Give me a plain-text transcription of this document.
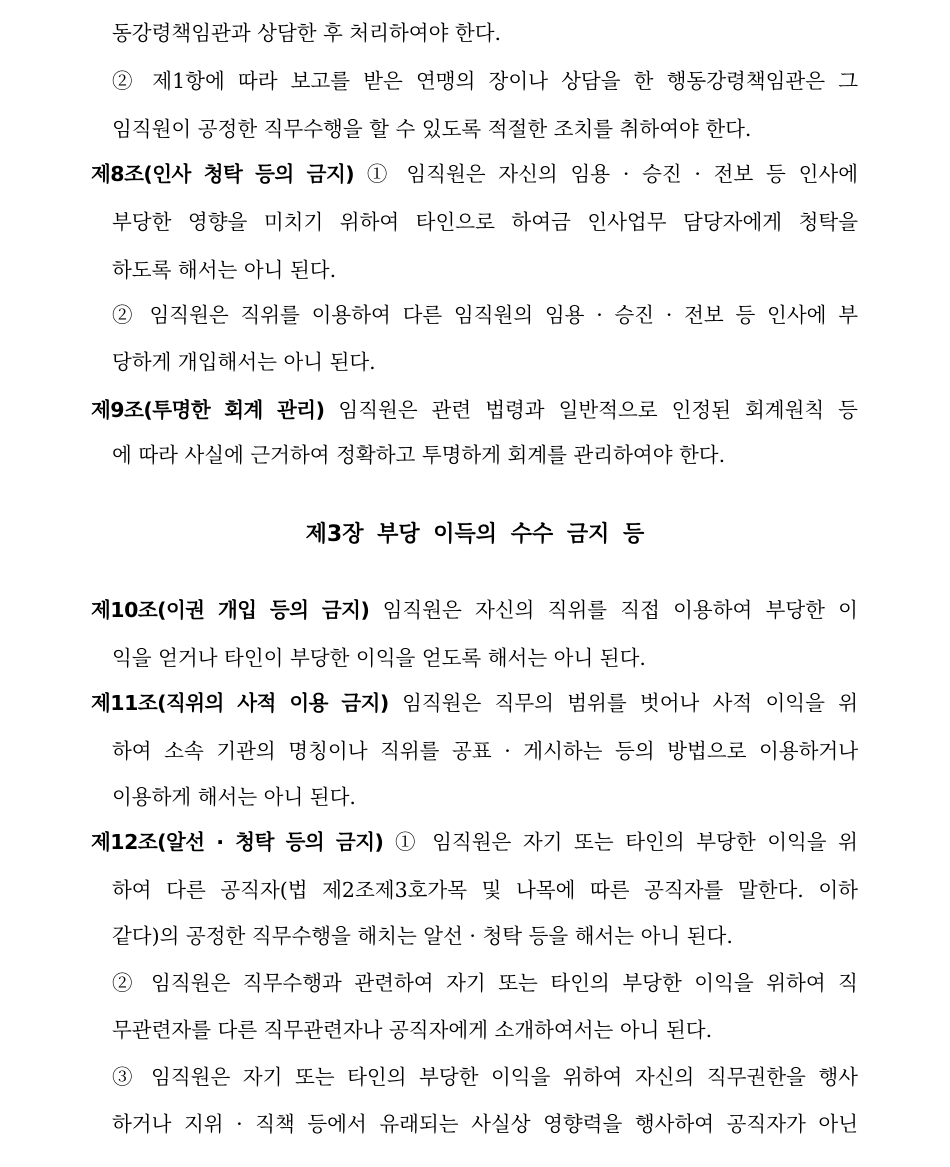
동강령책임관과 상담한 후 처리하여야 한다.
② 제1항에 따라 보고를 받은 연맹의 장이나 상담을 한 행동강령책임관은 그
임직원이 공정한 직무수행을 할 수 있도록 적절한 조치를 취하여야 한다.
제8조(인사 청탁 등의 금지) ① 임직원은 자신의 임용 · 승진 · 전보 등 인사에
부당한 영향을 미치기 위하여 타인으로 하여금 인사업무 담당자에게 청탁을
하도록 해서는 아니 된다.
② 임직원은 직위를 이용하여 다른 임직원의 임용 · 승진 · 전보 등 인사에 부
당하게 개입해서는 아니 된다.
제9조(투명한 회계 관리) 임직원은 관련 법령과 일반적으로 인정된 회계원칙 등
에 따라 사실에 근거하여 정확하고 투명하게 회계를 관리하여야 한다.
제3장 부당 이득의 수수 금지 등
제10조(이권 개입 등의 금지) 임직원은 자신의 직위를 직접 이용하여 부당한 이
익을 얻거나 타인이 부당한 이익을 얻도록 해서는 아니 된다.
제11조(직위의 사적 이용 금지) 임직원은 직무의 범위를 벗어나 사적 이익을 위
하여 소속 기관의 명칭이나 직위를 공표 · 게시하는 등의 방법으로 이용하거나
이용하게 해서는 아니 된다.
제12조(알선 · 청탁 등의 금지) ① 임직원은 자기 또는 타인의 부당한 이익을 위
하여 다른 공직자(법 제2조제3호가목 및 나목에 따른 공직자를 말한다. 이하
같다)의 공정한 직무수행을 해치는 알선 · 청탁 등을 해서는 아니 된다.
② 임직원은 직무수행과 관련하여 자기 또는 타인의 부당한 이익을 위하여 직
무관련자를 다른 직무관련자나 공직자에게 소개하여서는 아니 된다.
③ 임직원은 자기 또는 타인의 부당한 이익을 위하여 자신의 직무권한을 행사
하거나 지위 · 직책 등에서 유래되는 사실상 영향력을 행사하여 공직자가 아닌
